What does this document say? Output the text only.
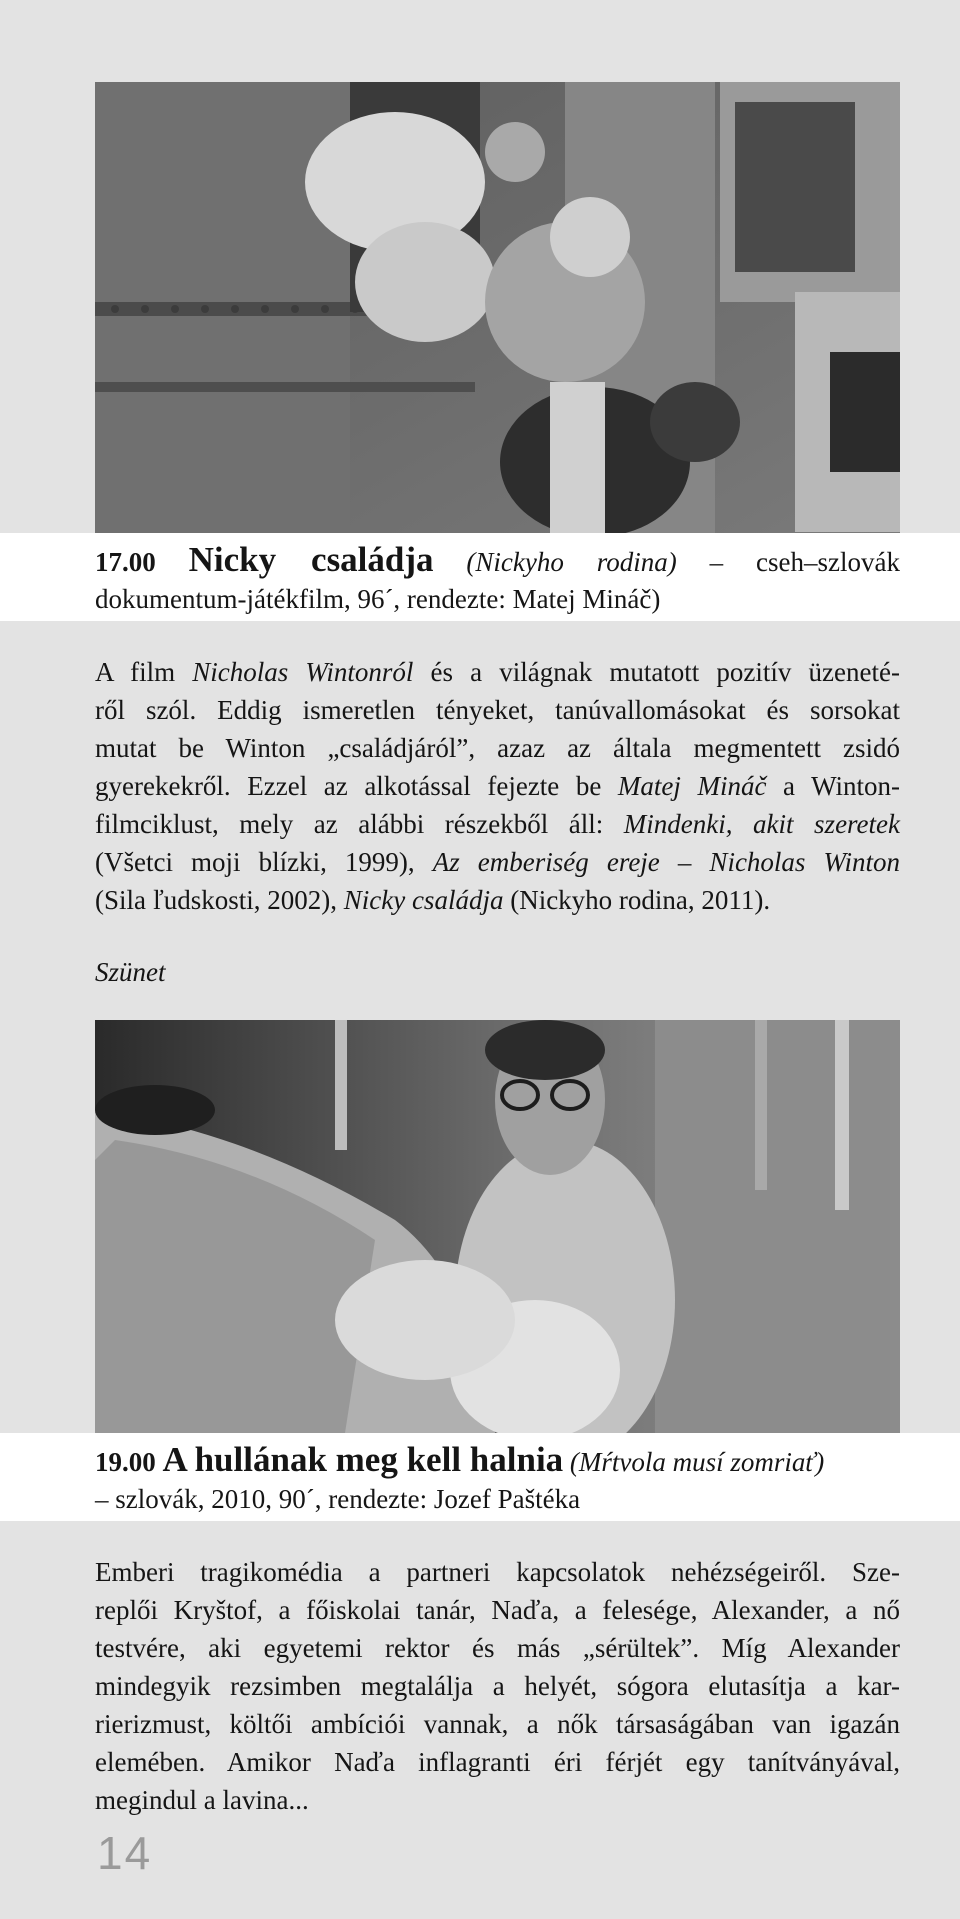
17.00 Nicky családja (Nickyho rodina) – cseh–szlovák
dokumentum-játékfilm, 96´, rendezte: Matej Mináč)
A film Nicholas Wintonról és a világnak mutatott pozitív üzeneté-
ről szól. Eddig ismeretlen tényeket, tanúvallomásokat és sorsokat
mutat be Winton „családjáról”, azaz az általa megmentett zsidó
gyerekekről. Ezzel az alkotással fejezte be Matej Mináč a Winton-
filmciklust, mely az alábbi részekből áll: Mindenki, akit szeretek
(Všetci moji blízki, 1999), Az emberiség ereje – Nicholas Winton
(Sila ľudskosti, 2002), Nicky családja (Nickyho rodina, 2011).
Szünet
19.00 A hullának meg kell halnia (Mŕtvola musí zomriať)
– szlovák, 2010, 90´, rendezte: Jozef Paštéka
Emberi tragikomédia a partneri kapcsolatok nehézségeiről. Sze-
replői Kryštof, a főiskolai tanár, Naďa, a felesége, Alexander, a nő
testvére, aki egyetemi rektor és más „sérültek”. Míg Alexander
mindegyik rezsimben megtalálja a helyét, sógora elutasítja a kar-
rierizmust, költői ambíciói vannak, a nők társaságában van igazán
elemében. Amikor Naďa inflagranti éri férjét egy tanítványával,
megindul a lavina...
14
